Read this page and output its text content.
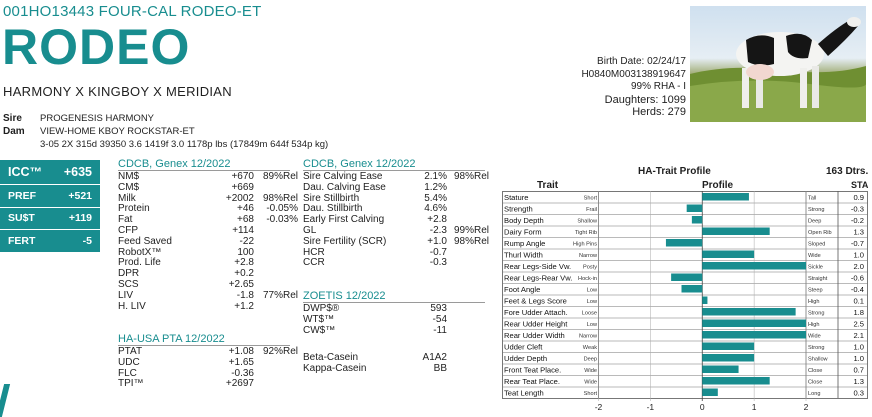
001HO13443 FOUR-CAL RODEO-ET
RODEO
HARMONY X KINGBOY X MERIDIAN
Sire PROGENESIS HARMONY
Dam VIEW-HOME KBOY ROCKSTAR-ET
3-05 2X 315d 39350 3.6 1419f 3.0 1178p lbs (17849m 644f 534p kg)
Birth Date: 02/24/17
H0840M003138919647
99% RHA - I
Daughters: 1099
Herds: 279
ICC™ +635
PREF	+521
SU$T	+119
FERT	-5
CDCB, Genex 12/2022
NM$	+670	89%Rel
CM$	+669	
Milk	+2002	98%Rel
Protein	+46	-0.05%
Fat	+68	-0.03%
CFP	+114	
Feed Saved	-22	
RobotX™	100	
Prod. Life	+2.8	
DPR	+0.2	
SCS	+2.65	
LIV	-1.8	77%Rel
H. LIV	+1.2	
HA-USA PTA 12/2022
PTAT	+1.08	92%Rel
UDC	+1.65	
FLC	-0.36	
TPI™	+2697	
CDCB, Genex 12/2022
Sire Calving Ease	2.1%	98%Rel
Dau. Calving Ease	1.2%	
Sire Stillbirth	5.4%	
Dau. Stillbirth	4.6%	
Early First Calving	+2.8	
GL	-2.3	99%Rel
Sire Fertility (SCR)	+1.0	98%Rel
HCR	-0.7	
CCR	-0.3	
ZOETIS 12/2022
DWP$®	593
WT$™	-54
CW$™	-11
Beta-Casein	A1A2
Kappa-Casein	BB
HA-Trait Profile	163 Dtrs.
Trait	Profile	STA
-2	-1	0	1	2
Stature	Short	Tall	0.9
Strength	Frail	Strong	-0.3
Body Depth	Shallow	Deep	-0.2
Dairy Form	Tight Rib	Open Rib	1.3
Rump Angle	High Pins	Sloped	-0.7
Thurl Width	Narrow	Wide	1.0
Rear Legs-Side Vw. Posty	Sickle	2.0
Rear Legs-Rear Vw. Hock-in	Straight	-0.6
Foot Angle	Low	Steep	-0.4
Feet & Legs Score	Low	High	0.1
Fore Udder Attach.	Loose	Strong	1.8
Rear Udder Height	Low	High	2.5
Rear Udder Width	Narrow	Wide	2.1
Udder Cleft	Weak	Strong	1.0
Udder Depth	Deep	Shallow	1.0
Front Teat Place.	Wide	Close	0.7
Rear Teat Place.	Wide	Close	1.3
Teat Length	Short	Long	0.3
